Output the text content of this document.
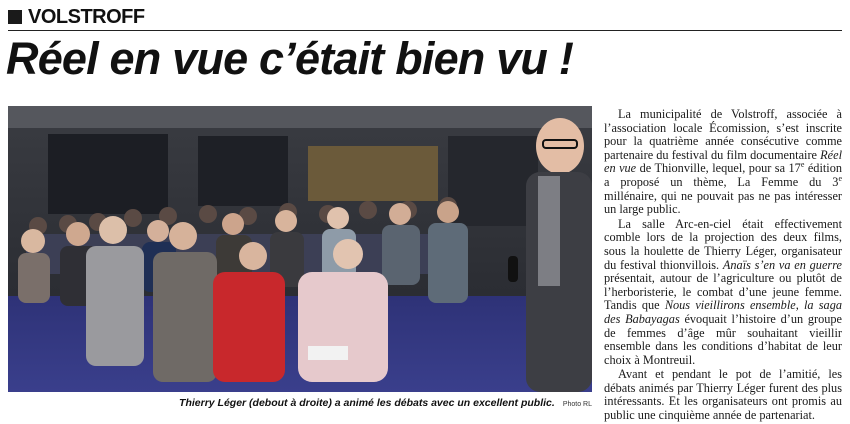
VOLSTROFF
Réel en vue c’était bien vu !
Thierry Léger (debout à droite) a animé les débats avec un excellent public. Photo RL

La municipalité de Volstroff, associée à l’association locale Écomission, s’est inscrite pour la quatrième année consécutive comme partenaire du festival du film documentaire Réel en vue de Thionville, lequel, pour sa 17e édition a proposé un thème, La Femme du 3e millénaire, qui ne pouvait pas ne pas intéresser un large public.

La salle Arc-en-ciel était effectivement comble lors de la projection des deux films, sous la houlette de Thierry Léger, organisateur du festival thionvillois. Anaïs s’en va en guerre présentait, autour de l’agriculture ou plutôt de l’herboristerie, le combat d’une jeune femme. Tandis que Nous vieillirons ensemble, la saga des Babayagas évoquait l’histoire d’un groupe de femmes d’âge mûr souhaitant vieillir ensemble dans les conditions d’habitat de leur choix à Montreuil.

Avant et pendant le pot de l’amitié, les débats animés par Thierry Léger furent des plus intéressants. Et les organisateurs ont promis au public une cinquième année de partenariat.
